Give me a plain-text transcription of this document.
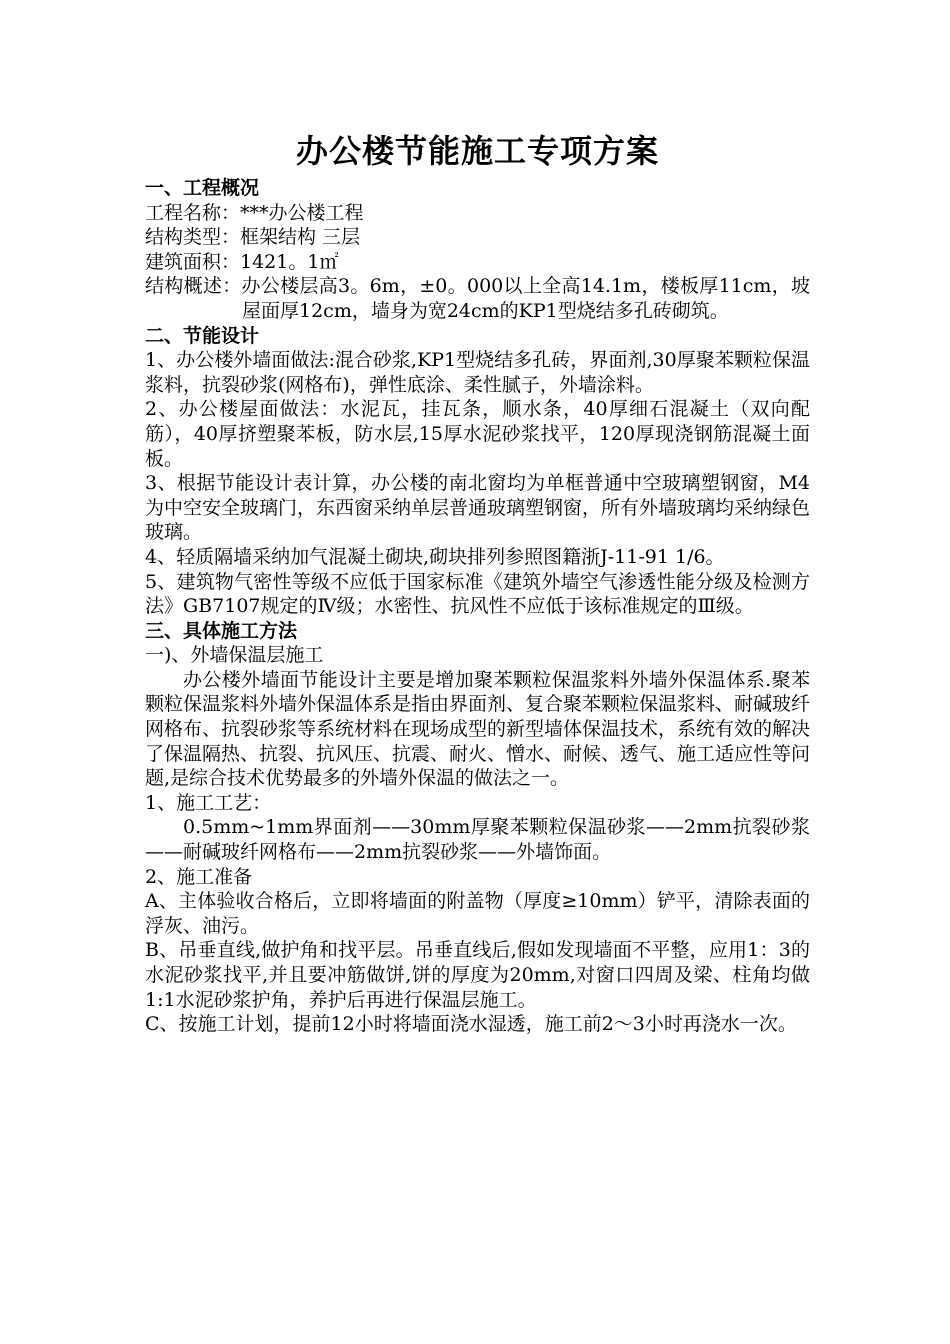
办公楼节能施工专项方案

一、工程概况

工程名称：***办公楼工程

结构类型：框架结构 三层

建筑面积：1421。1㎡

结构概述：办公楼层高3。6m，±0。000以上全高14.1m，楼板厚11cm，坡屋面厚12cm，墙身为宽24cm的KP1型烧结多孔砖砌筑。

二、节能设计

1、办公楼外墙面做法:混合砂浆,KP1型烧结多孔砖，界面剂,30厚聚苯颗粒保温浆料，抗裂砂浆(网格布)，弹性底涂、柔性腻子，外墙涂料。

2、办公楼屋面做法：水泥瓦，挂瓦条，顺水条，40厚细石混凝土（双向配筋），40厚挤塑聚苯板，防水层,15厚水泥砂浆找平，120厚现浇钢筋混凝土面板。

3、根据节能设计表计算，办公楼的南北窗均为单框普通中空玻璃塑钢窗，M4为中空安全玻璃门，东西窗采纳单层普通玻璃塑钢窗，所有外墙玻璃均采纳绿色玻璃。

4、轻质隔墙采纳加气混凝土砌块,砌块排列参照图籍浙J-11-91 1/6。

5、建筑物气密性等级不应低于国家标准《建筑外墙空气渗透性能分级及检测方法》GB7107规定的Ⅳ级；水密性、抗风性不应低于该标准规定的Ⅲ级。

三、具体施工方法

一)、外墙保温层施工

办公楼外墙面节能设计主要是增加聚苯颗粒保温浆料外墙外保温体系.聚苯颗粒保温浆料外墙外保温体系是指由界面剂、复合聚苯颗粒保温浆料、耐碱玻纤网格布、抗裂砂浆等系统材料在现场成型的新型墙体保温技术，系统有效的解决了保温隔热、抗裂、抗风压、抗震、耐火、憎水、耐候、透气、施工适应性等问题,是综合技术优势最多的外墙外保温的做法之一。

1、施工工艺：

0.5mm~1mm界面剂——30mm厚聚苯颗粒保温砂浆——2mm抗裂砂浆——耐碱玻纤网格布——2mm抗裂砂浆——外墙饰面。

2、施工准备

A、主体验收合格后，立即将墙面的附盖物（厚度≥10mm）铲平，清除表面的浮灰、油污。

B、吊垂直线,做护角和找平层。吊垂直线后,假如发现墙面不平整，应用1：3的水泥砂浆找平,并且要冲筋做饼,饼的厚度为20mm,对窗口四周及梁、柱角均做1:1水泥砂浆护角，养护后再进行保温层施工。

C、按施工计划，提前12小时将墙面浇水湿透，施工前2～3小时再浇水一次。
